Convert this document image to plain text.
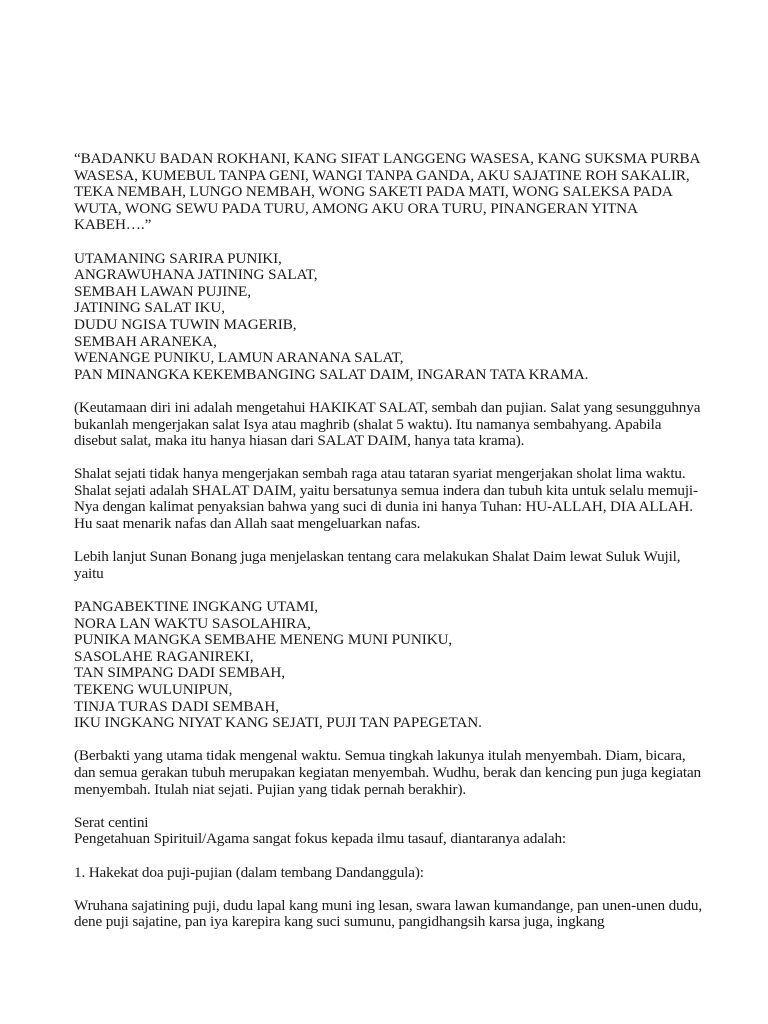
“BADANKU BADAN ROKHANI, KANG SIFAT LANGGENG WASESA, KANG SUKSMA PURBA WASESA, KUMEBUL TANPA GENI, WANGI TANPA GANDA, AKU SAJATINE ROH SAKALIR, TEKA NEMBAH, LUNGO NEMBAH, WONG SAKETI PADA MATI, WONG SALEKSA PADA WUTA, WONG SEWU PADA TURU, AMONG AKU ORA TURU, PINANGERAN YITNA KABEH….”

UTAMANING SARIRA PUNIKI,
ANGRAWUHANA JATINING SALAT,
SEMBAH LAWAN PUJINE,
JATINING SALAT IKU,
DUDU NGISA TUWIN MAGERIB,
SEMBAH ARANEKA,
WENANGE PUNIKU, LAMUN ARANANA SALAT,
PAN MINANGKA KEKEMBANGING SALAT DAIM, INGARAN TATA KRAMA.

(Keutamaan diri ini adalah mengetahui HAKIKAT SALAT, sembah dan pujian. Salat yang sesungguhnya bukanlah mengerjakan salat Isya atau maghrib (shalat 5 waktu). Itu namanya sembahyang. Apabila disebut salat, maka itu hanya hiasan dari SALAT DAIM, hanya tata krama).

Shalat sejati tidak hanya mengerjakan sembah raga atau tataran syariat mengerjakan sholat lima waktu. Shalat sejati adalah SHALAT DAIM, yaitu bersatunya semua indera dan tubuh kita untuk selalu memuji-Nya dengan kalimat penyaksian bahwa yang suci di dunia ini hanya Tuhan: HU-ALLAH, DIA ALLAH. Hu saat menarik nafas dan Allah saat mengeluarkan nafas.

Lebih lanjut Sunan Bonang juga menjelaskan tentang cara melakukan Shalat Daim lewat Suluk Wujil, yaitu

PANGABEKTINE INGKANG UTAMI,
NORA LAN WAKTU SASOLAHIRA,
PUNIKA MANGKA SEMBAHE MENENG MUNI PUNIKU,
SASOLAHE RAGANIREKI,
TAN SIMPANG DADI SEMBAH,
TEKENG WULUNIPUN,
TINJA TURAS DADI SEMBAH,
IKU INGKANG NIYAT KANG SEJATI, PUJI TAN PAPEGETAN.

(Berbakti yang utama tidak mengenal waktu. Semua tingkah lakunya itulah menyembah. Diam, bicara, dan semua gerakan tubuh merupakan kegiatan menyembah. Wudhu, berak dan kencing pun juga kegiatan menyembah. Itulah niat sejati. Pujian yang tidak pernah berakhir).

Serat centini
Pengetahuan Spirituil/Agama sangat fokus kepada ilmu tasauf, diantaranya adalah:

1. Hakekat doa puji-pujian (dalam tembang Dandanggula):

Wruhana sajatining puji, dudu lapal kang muni ing lesan, swara lawan kumandange, pan unen-unen dudu, dene puji sajatine, pan iya karepira kang suci sumunu, pangidhangsih karsa juga, ingkang
